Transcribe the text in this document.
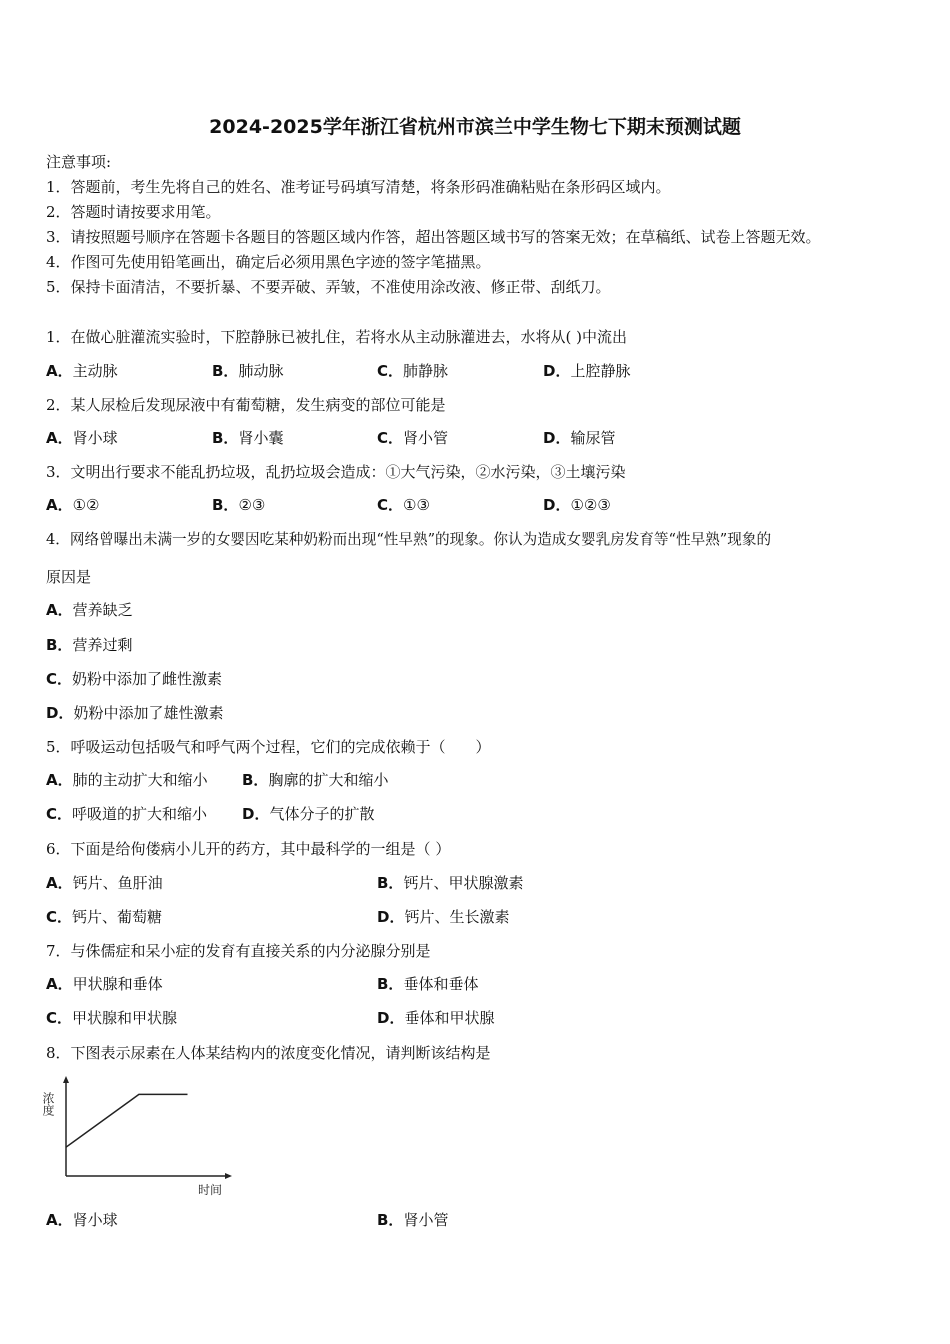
2024-2025学年浙江省杭州市滨兰中学生物七下期末预测试题
注意事项:
1．答题前，考生先将自己的姓名、准考证号码填写清楚，将条形码准确粘贴在条形码区域内。
2．答题时请按要求用笔。
3．请按照题号顺序在答题卡各题目的答题区域内作答，超出答题区域书写的答案无效；在草稿纸、试卷上答题无效。
4．作图可先使用铅笔画出，确定后必须用黑色字迹的签字笔描黑。
5．保持卡面清洁，不要折暴、不要弄破、弄皱，不准使用涂改液、修正带、刮纸刀。
1．在做心脏灌流实验时，下腔静脉已被扎住，若将水从主动脉灌进去，水将从( )中流出
A．主动脉	B．肺动脉	C．肺静脉	D．上腔静脉
2．某人尿检后发现尿液中有葡萄糖，发生病变的部位可能是
A．肾小球	B．肾小囊	C．肾小管	D．输尿管
3．文明出行要求不能乱扔垃圾，乱扔垃圾会造成：①大气污染，②水污染，③土壤污染
A．①②	B．②③	C．①③	D．①②③
4．网络曾曝出未满一岁的女婴因吃某种奶粉而出现“性早熟”的现象。你认为造成女婴乳房发育等“性早熟”现象的
原因是
A．营养缺乏
B．营养过剩
C．奶粉中添加了雌性激素
D．奶粉中添加了雄性激素
5．呼吸运动包括吸气和呼气两个过程，它们的完成依赖于（　　）
A．肺的主动扩大和缩小 B．胸廓的扩大和缩小
C．呼吸道的扩大和缩小 D．气体分子的扩散
6．下面是给佝偻病小儿开的药方，其中最科学的一组是（ ）
A．钙片、鱼肝油	B．钙片、甲状腺激素
C．钙片、葡萄糖	D．钙片、生长激素
7．与侏儒症和呆小症的发育有直接关系的内分泌腺分别是
A．甲状腺和垂体	B．垂体和垂体
C．甲状腺和甲状腺	D．垂体和甲状腺
8．下图表示尿素在人体某结构内的浓度变化情况，请判断该结构是
浓度
时间
A．肾小球	B．肾小管
